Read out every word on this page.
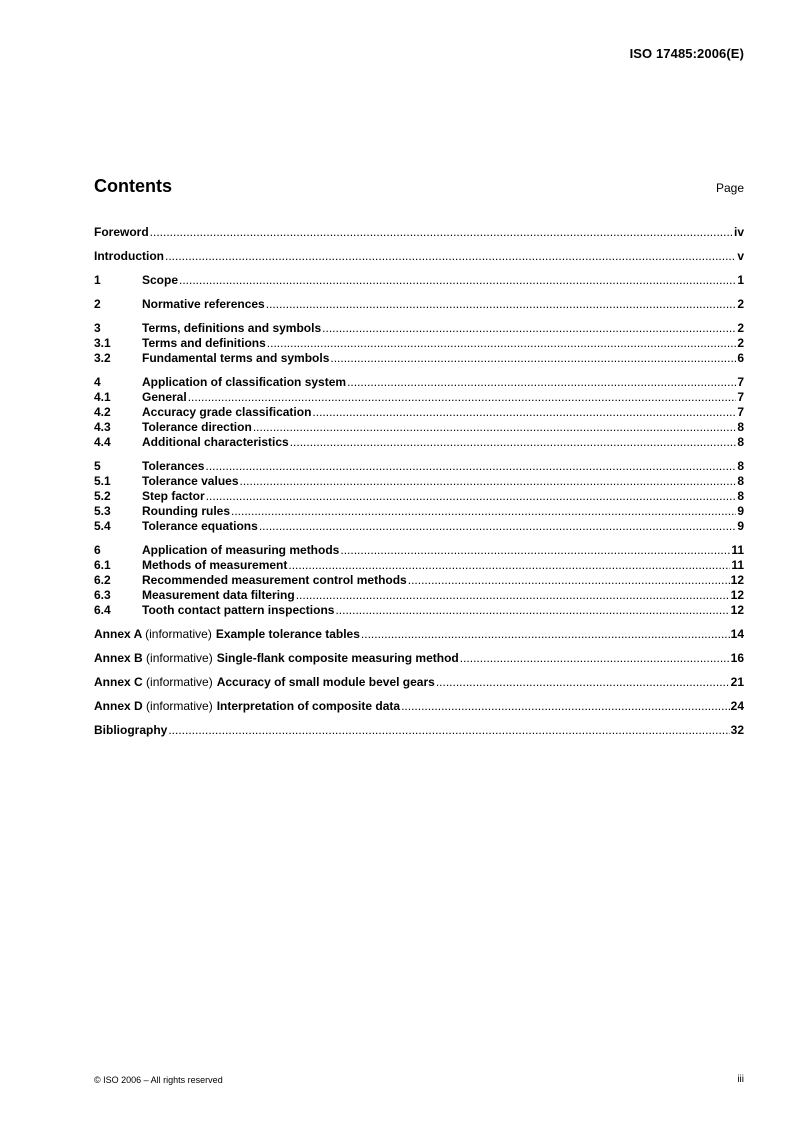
ISO 17485:2006(E)
Contents	Page
Foreword .....	iv
Introduction .....	v
1	Scope .....	1
2	Normative references .....	2
3	Terms, definitions and symbols .....	2
3.1	Terms and definitions .....	2
3.2	Fundamental terms and symbols .....	6
4	Application of classification system .....	7
4.1	General .....	7
4.2	Accuracy grade classification .....	7
4.3	Tolerance direction .....	8
4.4	Additional characteristics .....	8
5	Tolerances .....	8
5.1	Tolerance values .....	8
5.2	Step factor .....	8
5.3	Rounding rules .....	9
5.4	Tolerance equations .....	9
6	Application of measuring methods .....	11
6.1	Methods of measurement .....	11
6.2	Recommended measurement control methods .....	12
6.3	Measurement data filtering .....	12
6.4	Tooth contact pattern inspections .....	12
Annex A (informative) Example tolerance tables .....	14
Annex B (informative) Single-flank composite measuring method .....	16
Annex C (informative) Accuracy of small module bevel gears .....	21
Annex D (informative) Interpretation of composite data .....	24
Bibliography .....	32
© ISO 2006 – All rights reserved	iii
